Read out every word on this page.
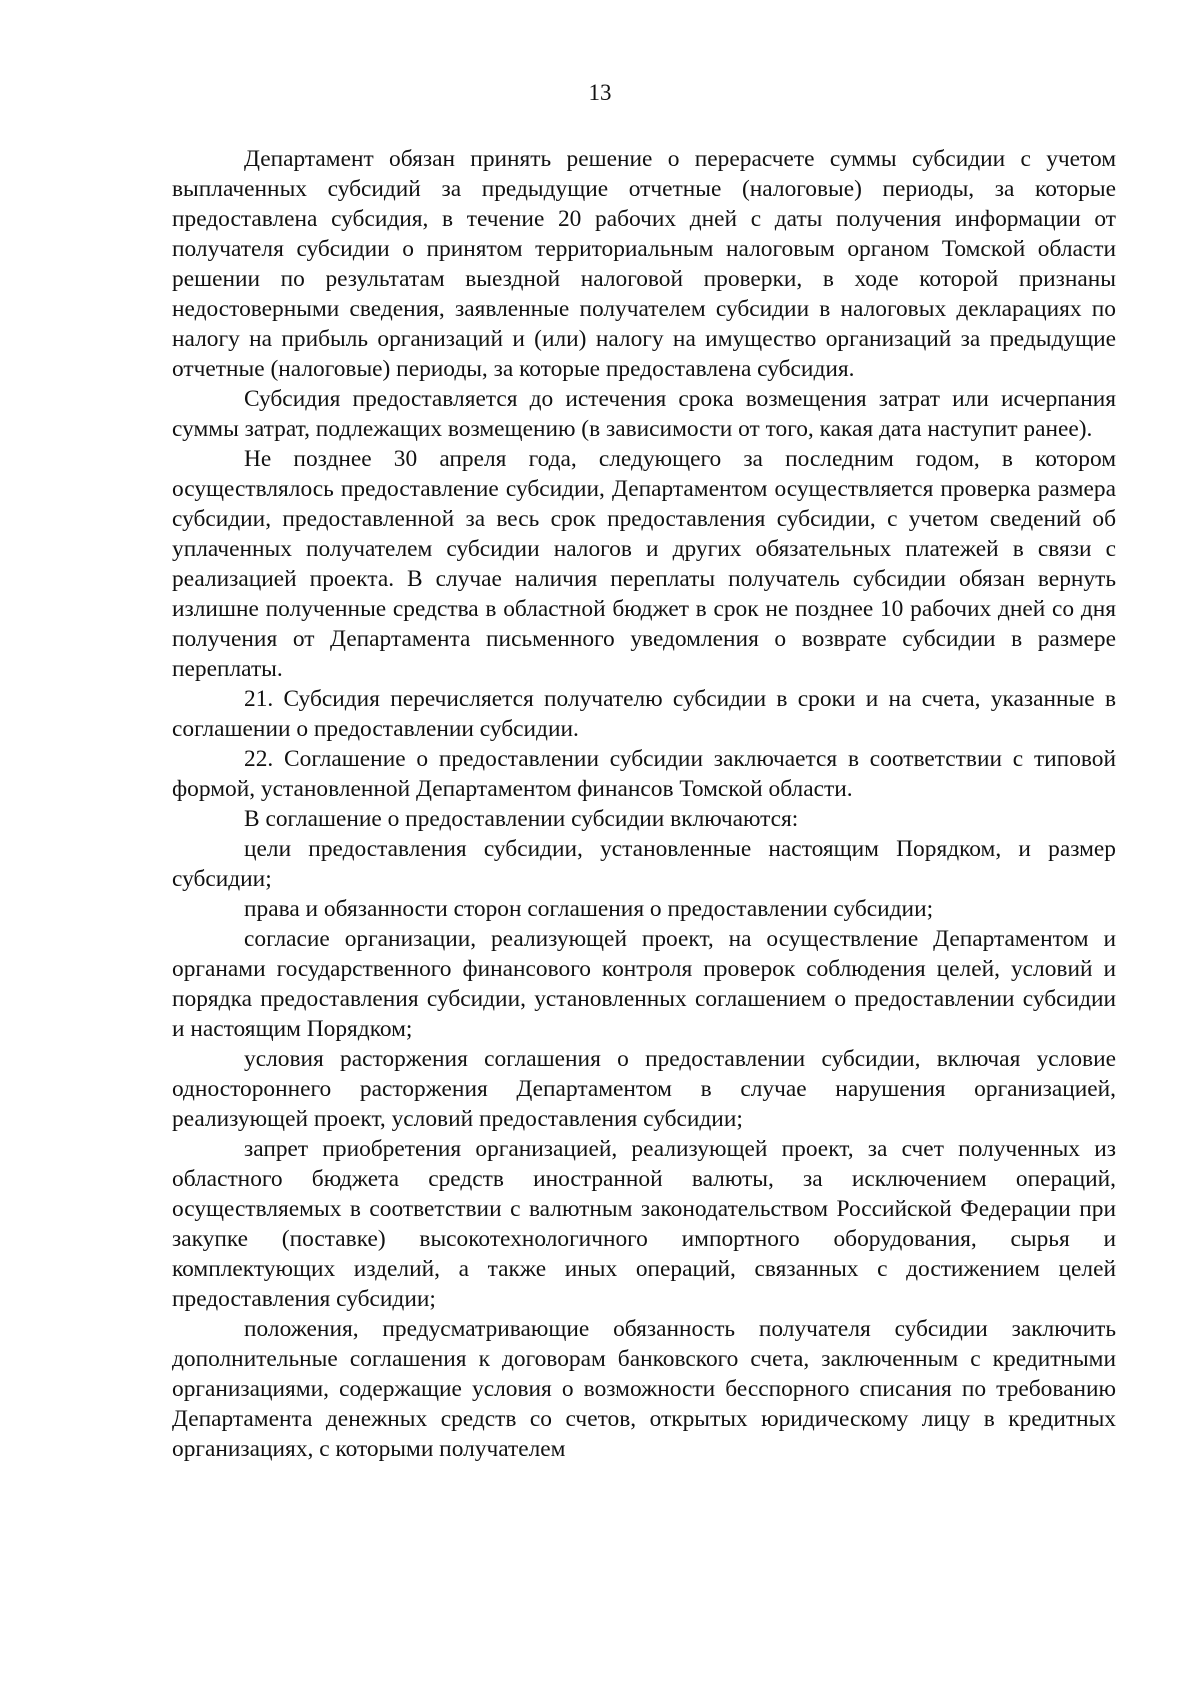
13

Департамент обязан принять решение о перерасчете суммы субсидии с учетом выплаченных субсидий за предыдущие отчетные (налоговые) периоды, за которые предоставлена субсидия, в течение 20 рабочих дней с даты получения информации от получателя субсидии о принятом территориальным налоговым органом Томской области решении по результатам выездной налоговой проверки, в ходе которой признаны недостоверными сведения, заявленные получателем субсидии в налоговых декларациях по налогу на прибыль организаций и (или) налогу на имущество организаций за предыдущие отчетные (налоговые) периоды, за которые предоставлена субсидия.

Субсидия предоставляется до истечения срока возмещения затрат или исчерпания суммы затрат, подлежащих возмещению (в зависимости от того, какая дата наступит ранее).

Не позднее 30 апреля года, следующего за последним годом, в котором осуществлялось предоставление субсидии, Департаментом осуществляется проверка размера субсидии, предоставленной за весь срок предоставления субсидии, с учетом сведений об уплаченных получателем субсидии налогов и других обязательных платежей в связи с реализацией проекта. В случае наличия переплаты получатель субсидии обязан вернуть излишне полученные средства в областной бюджет в срок не позднее 10 рабочих дней со дня получения от Департамента письменного уведомления о возврате субсидии в размере переплаты.

21. Субсидия перечисляется получателю субсидии в сроки и на счета, указанные в соглашении о предоставлении субсидии.

22. Соглашение о предоставлении субсидии заключается в соответствии с типовой формой, установленной Департаментом финансов Томской области.

В соглашение о предоставлении субсидии включаются:

цели предоставления субсидии, установленные настоящим Порядком, и размер субсидии;

права и обязанности сторон соглашения о предоставлении субсидии;

согласие организации, реализующей проект, на осуществление Департаментом и органами государственного финансового контроля проверок соблюдения целей, условий и порядка предоставления субсидии, установленных соглашением о предоставлении субсидии и настоящим Порядком;

условия расторжения соглашения о предоставлении субсидии, включая условие одностороннего расторжения Департаментом в случае нарушения организацией, реализующей проект, условий предоставления субсидии;

запрет приобретения организацией, реализующей проект, за счет полученных из областного бюджета средств иностранной валюты, за исключением операций, осуществляемых в соответствии с валютным законодательством Российской Федерации при закупке (поставке) высокотехнологичного импортного оборудования, сырья и комплектующих изделий, а также иных операций, связанных с достижением целей предоставления субсидии;

положения, предусматривающие обязанность получателя субсидии заключить дополнительные соглашения к договорам банковского счета, заключенным с кредитными организациями, содержащие условия о возможности бесспорного списания по требованию Департамента денежных средств со счетов, открытых юридическому лицу в кредитных организациях, с которыми получателем
